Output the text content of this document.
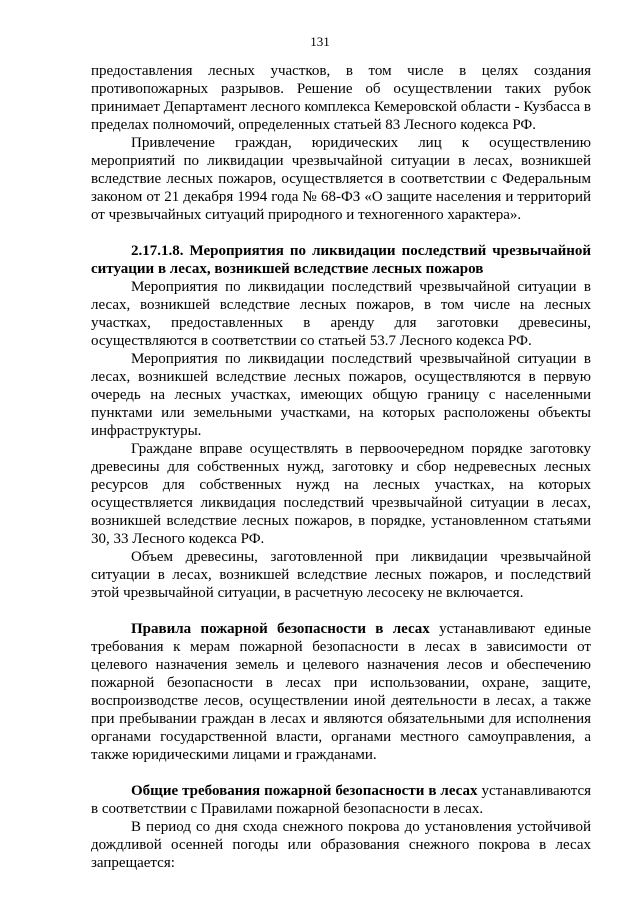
131

предоставления лесных участков, в том числе в целях создания противопожарных разрывов. Решение об осуществлении таких рубок принимает Департамент лесного комплекса Кемеровской области - Кузбасса в пределах полномочий, определенных статьей 83 Лесного кодекса РФ.

Привлечение граждан, юридических лиц к осуществлению мероприятий по ликвидации чрезвычайной ситуации в лесах, возникшей вследствие лесных пожаров, осуществляется в соответствии с Федеральным законом от 21 декабря 1994 года № 68-ФЗ «О защите населения и территорий от чрезвычайных ситуаций природного и техногенного характера».

2.17.1.8. Мероприятия по ликвидации последствий чрезвычайной ситуации в лесах, возникшей вследствие лесных пожаров

Мероприятия по ликвидации последствий чрезвычайной ситуации в лесах, возникшей вследствие лесных пожаров, в том числе на лесных участках, предоставленных в аренду для заготовки древесины, осуществляются в соответствии со статьей 53.7 Лесного кодекса РФ.

Мероприятия по ликвидации последствий чрезвычайной ситуации в лесах, возникшей вследствие лесных пожаров, осуществляются в первую очередь на лесных участках, имеющих общую границу с населенными пунктами или земельными участками, на которых расположены объекты инфраструктуры.

Граждане вправе осуществлять в первоочередном порядке заготовку древесины для собственных нужд, заготовку и сбор недревесных лесных ресурсов для собственных нужд на лесных участках, на которых осуществляется ликвидация последствий чрезвычайной ситуации в лесах, возникшей вследствие лесных пожаров, в порядке, установленном статьями 30, 33 Лесного кодекса РФ.

Объем древесины, заготовленной при ликвидации чрезвычайной ситуации в лесах, возникшей вследствие лесных пожаров, и последствий этой чрезвычайной ситуации, в расчетную лесосеку не включается.

Правила пожарной безопасности в лесах устанавливают единые требования к мерам пожарной безопасности в лесах в зависимости от целевого назначения земель и целевого назначения лесов и обеспечению пожарной безопасности в лесах при использовании, охране, защите, воспроизводстве лесов, осуществлении иной деятельности в лесах, а также при пребывании граждан в лесах и являются обязательными для исполнения органами государственной власти, органами местного самоуправления, а также юридическими лицами и гражданами.

Общие требования пожарной безопасности в лесах устанавливаются в соответствии с Правилами пожарной безопасности в лесах.

В период со дня схода снежного покрова до установления устойчивой дождливой осенней погоды или образования снежного покрова в лесах запрещается:
